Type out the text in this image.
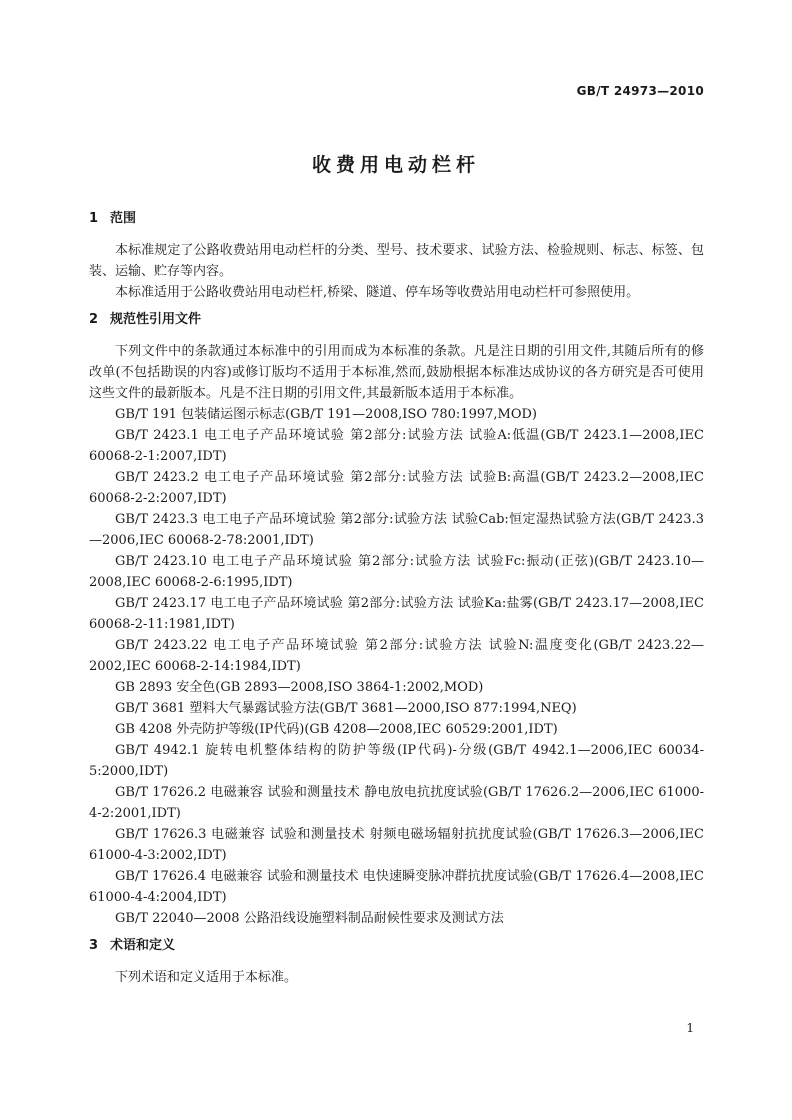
GB/T 24973—2010
收费用电动栏杆
1 范围

本标准规定了公路收费站用电动栏杆的分类、型号、技术要求、试验方法、检验规则、标志、标签、包装、运输、贮存等内容。

本标准适用于公路收费站用电动栏杆,桥梁、隧道、停车场等收费站用电动栏杆可参照使用。

2 规范性引用文件

下列文件中的条款通过本标准中的引用而成为本标准的条款。凡是注日期的引用文件,其随后所有的修改单(不包括勘误的内容)或修订版均不适用于本标准,然而,鼓励根据本标准达成协议的各方研究是否可使用这些文件的最新版本。凡是不注日期的引用文件,其最新版本适用于本标准。

GB/T 191 包装储运图示标志(GB/T 191—2008,ISO 780:1997,MOD)

GB/T 2423.1 电工电子产品环境试验 第2部分:试验方法 试验A:低温(GB/T 2423.1—2008,IEC 60068-2-1:2007,IDT)

GB/T 2423.2 电工电子产品环境试验 第2部分:试验方法 试验B:高温(GB/T 2423.2—2008,IEC 60068-2-2:2007,IDT)

GB/T 2423.3 电工电子产品环境试验 第2部分:试验方法 试验Cab:恒定湿热试验方法(GB/T 2423.3—2006,IEC 60068-2-78:2001,IDT)

GB/T 2423.10 电工电子产品环境试验 第2部分:试验方法 试验Fc:振动(正弦)(GB/T 2423.10—2008,IEC 60068-2-6:1995,IDT)

GB/T 2423.17 电工电子产品环境试验 第2部分:试验方法 试验Ka:盐雾(GB/T 2423.17—2008,IEC 60068-2-11:1981,IDT)

GB/T 2423.22 电工电子产品环境试验 第2部分:试验方法 试验N:温度变化(GB/T 2423.22—2002,IEC 60068-2-14:1984,IDT)

GB 2893 安全色(GB 2893—2008,ISO 3864-1:2002,MOD)

GB/T 3681 塑料大气暴露试验方法(GB/T 3681—2000,ISO 877:1994,NEQ)

GB 4208 外壳防护等级(IP代码)(GB 4208—2008,IEC 60529:2001,IDT)

GB/T 4942.1 旋转电机整体结构的防护等级(IP代码)-分级(GB/T 4942.1—2006,IEC 60034-5:2000,IDT)

GB/T 17626.2 电磁兼容 试验和测量技术 静电放电抗扰度试验(GB/T 17626.2—2006,IEC 61000-4-2:2001,IDT)

GB/T 17626.3 电磁兼容 试验和测量技术 射频电磁场辐射抗扰度试验(GB/T 17626.3—2006,IEC 61000-4-3:2002,IDT)

GB/T 17626.4 电磁兼容 试验和测量技术 电快速瞬变脉冲群抗扰度试验(GB/T 17626.4—2008,IEC 61000-4-4:2004,IDT)

GB/T 22040—2008 公路沿线设施塑料制品耐候性要求及测试方法

3 术语和定义

下列术语和定义适用于本标准。

1
